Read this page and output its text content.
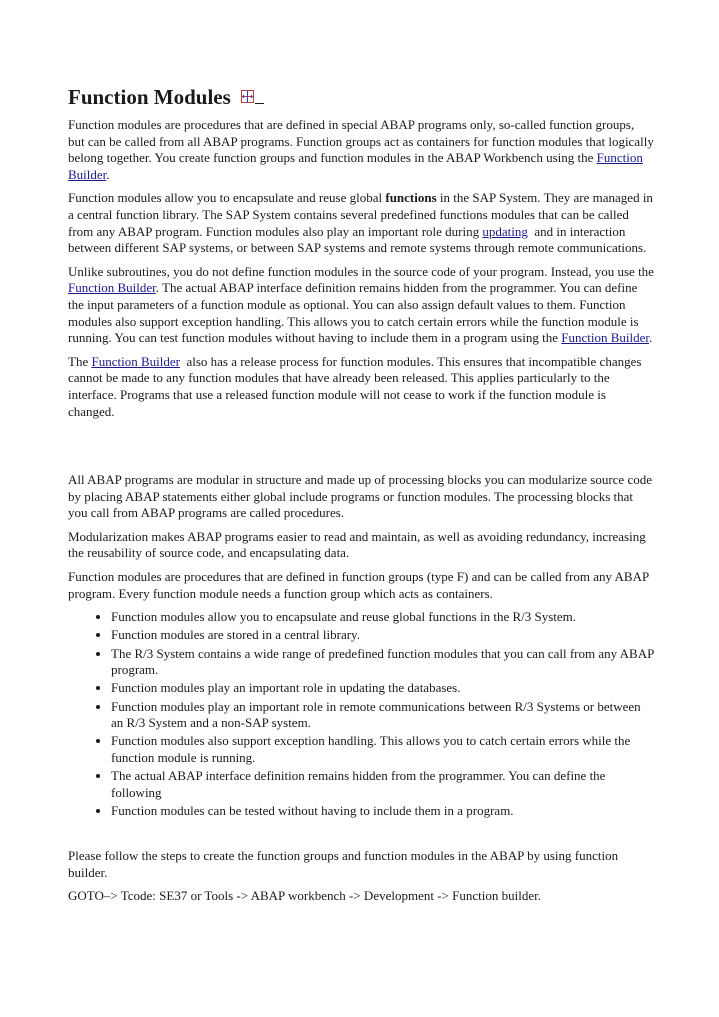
Function Modules

Function modules are procedures that are defined in special ABAP programs only, so-called function groups, but can be called from all ABAP programs. Function groups act as containers for function modules that logically belong together. You create function groups and function modules in the ABAP Workbench using the Function Builder.

Function modules allow you to encapsulate and reuse global functions in the SAP System. They are managed in a central function library. The SAP System contains several predefined functions modules that can be called from any ABAP program. Function modules also play an important role during updating  and in interaction between different SAP systems, or between SAP systems and remote systems through remote communications.

Unlike subroutines, you do not define function modules in the source code of your program. Instead, you use the Function Builder. The actual ABAP interface definition remains hidden from the programmer. You can define the input parameters of a function module as optional. You can also assign default values to them. Function modules also support exception handling. This allows you to catch certain errors while the function module is running. You can test function modules without having to include them in a program using the Function Builder.

The Function Builder  also has a release process for function modules. This ensures that incompatible changes cannot be made to any function modules that have already been released. This applies particularly to the interface. Programs that use a released function module will not cease to work if the function module is changed.

All ABAP programs are modular in structure and made up of processing blocks you can modularize source code by placing ABAP statements either global include programs or function modules. The processing blocks that you call from ABAP programs are called procedures.

Modularization makes ABAP programs easier to read and maintain, as well as avoiding redundancy, increasing the reusability of source code, and encapsulating data.

Function modules are procedures that are defined in function groups (type F) and can be called from any ABAP program. Every function module needs a function group which acts as containers.

• Function modules allow you to encapsulate and reuse global functions in the R/3 System.
• Function modules are stored in a central library.
• The R/3 System contains a wide range of predefined function modules that you can call from any ABAP program.
• Function modules play an important role in updating the databases.
• Function modules play an important role in remote communications between R/3 Systems or between an R/3 System and a non-SAP system.
• Function modules also support exception handling. This allows you to catch certain errors while the function module is running.
• The actual ABAP interface definition remains hidden from the programmer. You can define the following
• Function modules can be tested without having to include them in a program.

Please follow the steps to create the function groups and function modules in the ABAP by using function builder.

GOTO–> Tcode: SE37 or Tools -> ABAP workbench -> Development -> Function builder.
